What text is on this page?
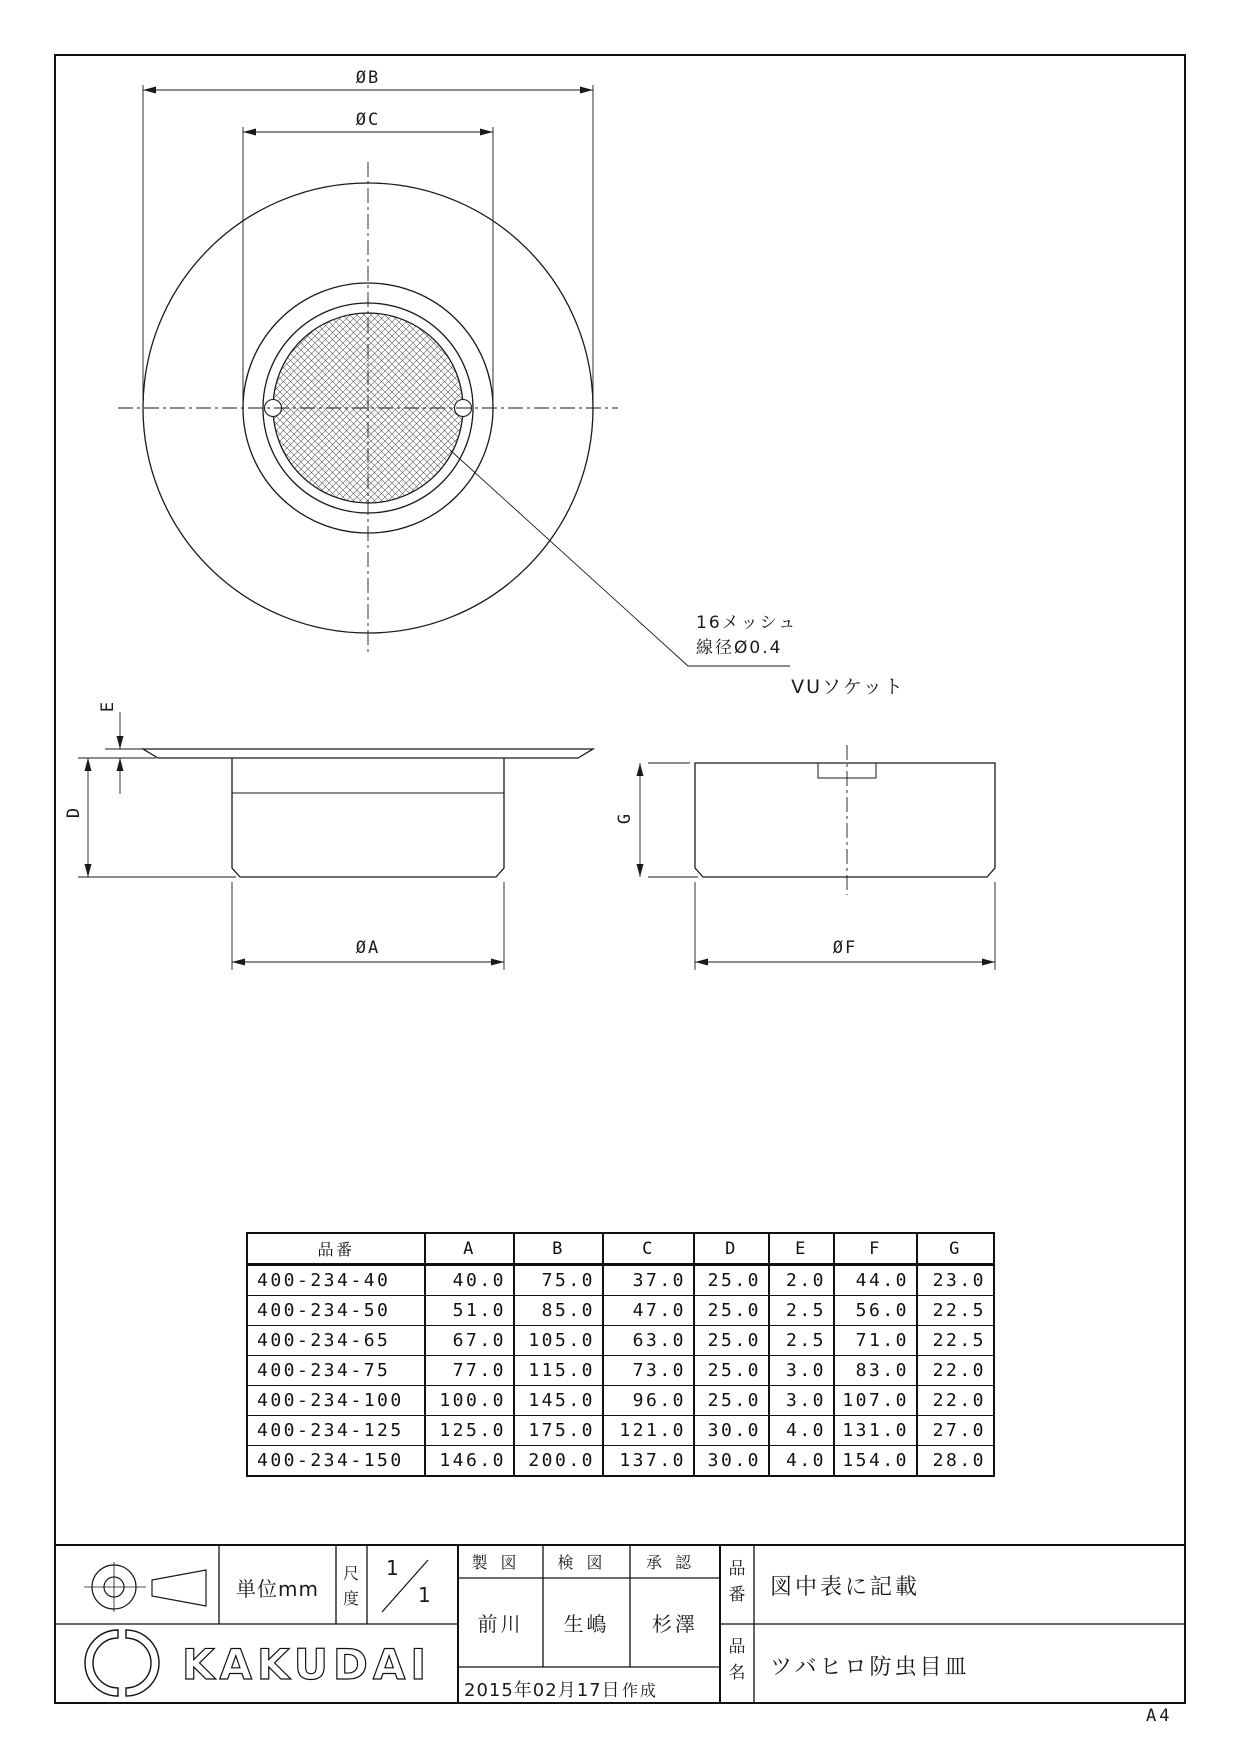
KAKUDAI
ØB
ØC
ØA	ØF
D
E
G
16メッシュ
線径Ø0.4
VUソケット
品番	A	B	C	D	E	F	G
400-234-40	40.0	75.0	37.0	25.0	2.0	44.0	23.0
400-234-50	51.0	85.0	47.0	25.0	2.5	56.0	22.5
400-234-65	67.0	105.0	63.0	25.0	2.5	71.0	22.5
400-234-75	77.0	115.0	73.0	25.0	3.0	83.0	22.0
400-234-100	100.0	145.0	96.0	25.0	3.0	107.0	22.0
400-234-125	125.0	175.0	121.0	30.0	4.0	131.0	27.0
400-234-150	146.0	200.0	137.0	30.0	4.0	154.0	28.0
単位mm
尺度
1
1
製図	検図	承認
前川	生嶋	杉澤
2015年02月17日 作成
品番 図中表に記載
品名 ツバヒロ防虫目皿
A4
